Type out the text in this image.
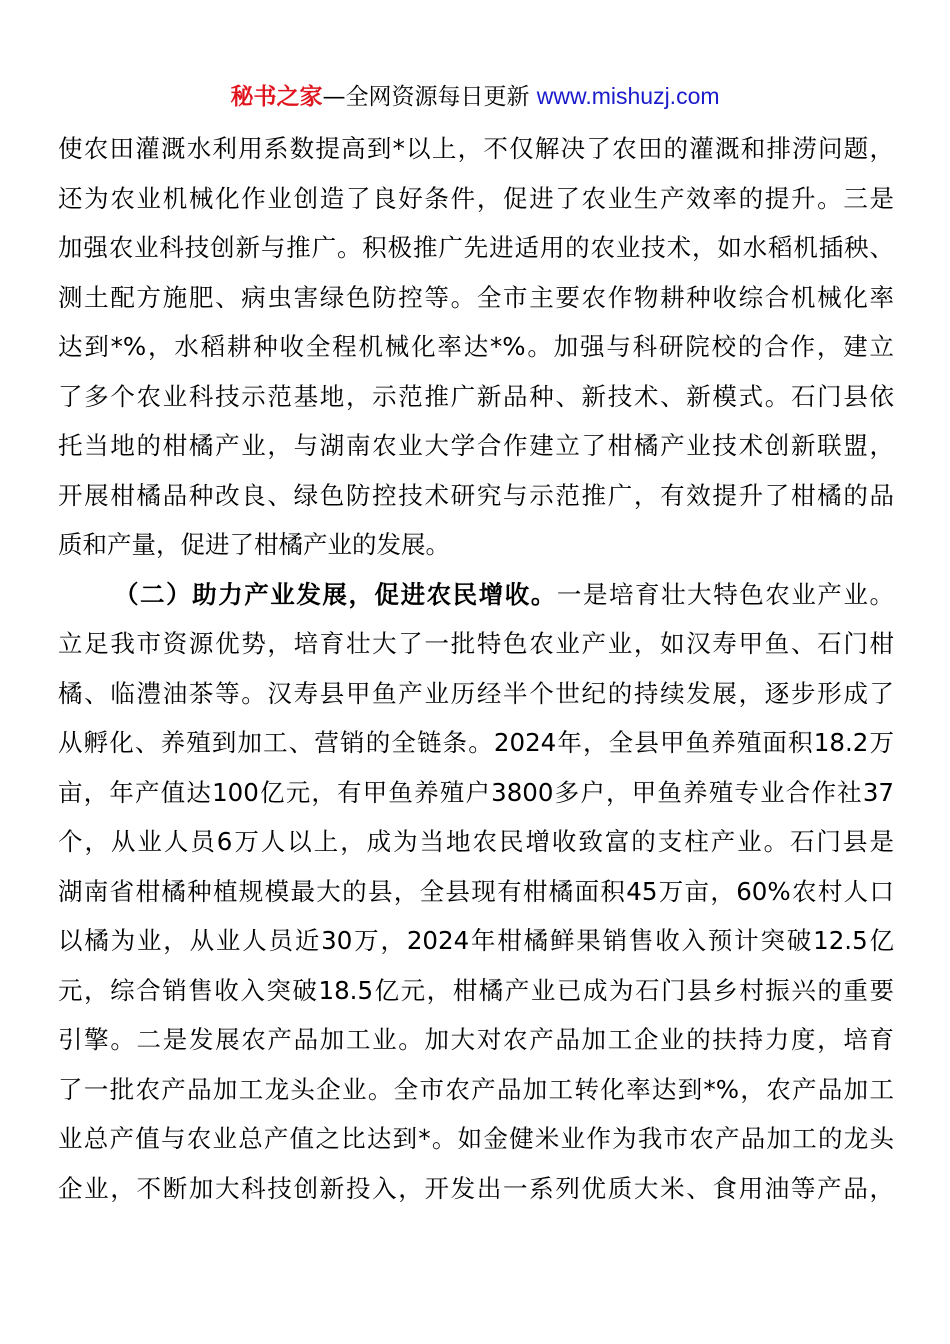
秘书之家—全网资源每日更新 www.mishuzj.com
使农田灌溉水利用系数提高到*以上，不仅解决了农田的灌溉和排涝问题，
还为农业机械化作业创造了良好条件，促进了农业生产效率的提升。三是
加强农业科技创新与推广。积极推广先进适用的农业技术，如水稻机插秧、
测土配方施肥、病虫害绿色防控等。全市主要农作物耕种收综合机械化率
达到*%，水稻耕种收全程机械化率达*%。加强与科研院校的合作，建立
了多个农业科技示范基地，示范推广新品种、新技术、新模式。石门县依
托当地的柑橘产业，与湖南农业大学合作建立了柑橘产业技术创新联盟，
开展柑橘品种改良、绿色防控技术研究与示范推广，有效提升了柑橘的品
质和产量，促进了柑橘产业的发展。
（二）助力产业发展，促进农民增收。一是培育壮大特色农业产业。
立足我市资源优势，培育壮大了一批特色农业产业，如汉寿甲鱼、石门柑
橘、临澧油茶等。汉寿县甲鱼产业历经半个世纪的持续发展，逐步形成了
从孵化、养殖到加工、营销的全链条。2024年，全县甲鱼养殖面积18.2万
亩，年产值达100亿元，有甲鱼养殖户3800多户，甲鱼养殖专业合作社37
个，从业人员6万人以上，成为当地农民增收致富的支柱产业。石门县是
湖南省柑橘种植规模最大的县，全县现有柑橘面积45万亩，60%农村人口
以橘为业，从业人员近30万，2024年柑橘鲜果销售收入预计突破12.5亿
元，综合销售收入突破18.5亿元，柑橘产业已成为石门县乡村振兴的重要
引擎。二是发展农产品加工业。加大对农产品加工企业的扶持力度，培育
了一批农产品加工龙头企业。全市农产品加工转化率达到*%，农产品加工
业总产值与农业总产值之比达到*。如金健米业作为我市农产品加工的龙头
企业，不断加大科技创新投入，开发出一系列优质大米、食用油等产品，
